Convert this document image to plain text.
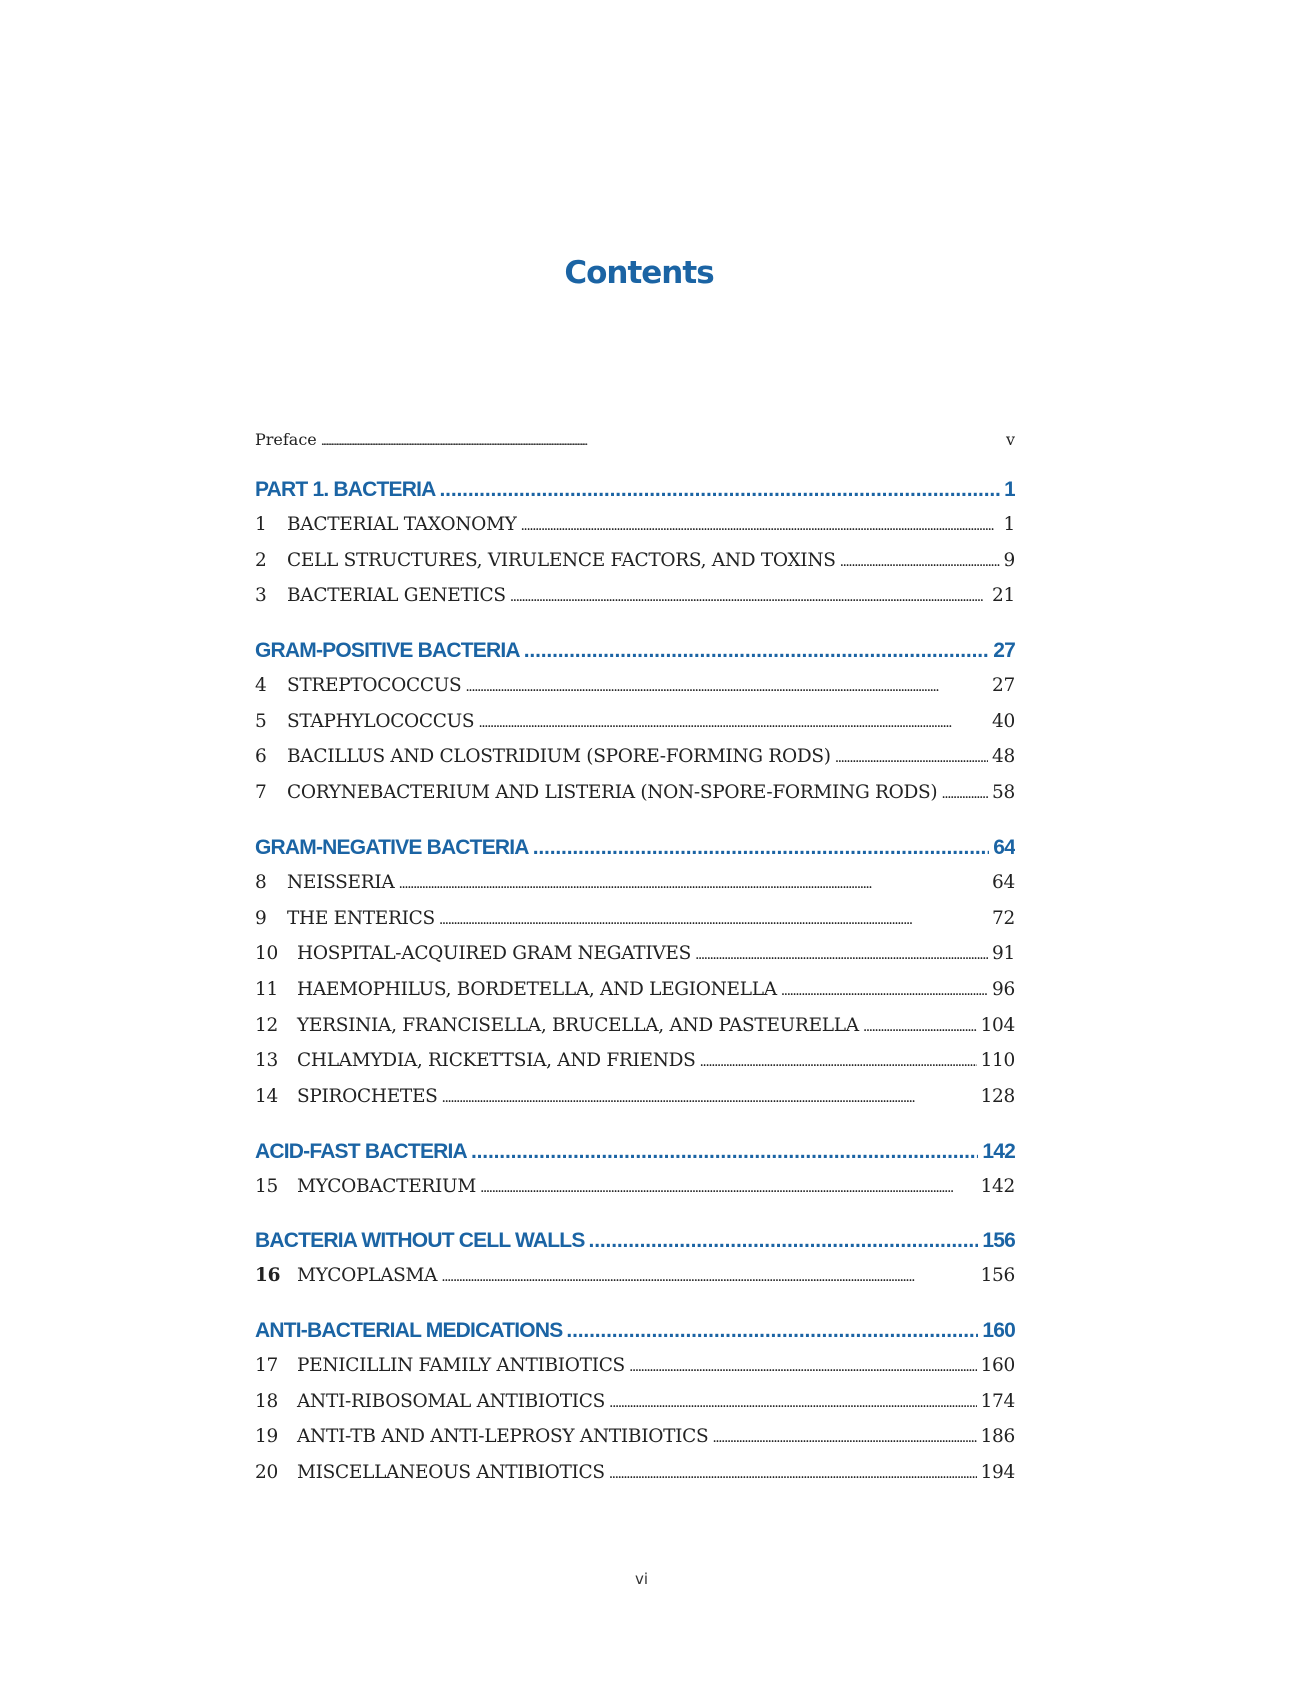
Contents
Preface . . .	v
PART 1. BACTERIA . . .	1
1 BACTERIAL TAXONOMY . . .	1
2 CELL STRUCTURES, VIRULENCE FACTORS, AND TOXINS . . .	9
3 BACTERIAL GENETICS . . .	21
GRAM-POSITIVE BACTERIA . . .	27
4 STREPTOCOCCUS . . .	27
5 STAPHYLOCOCCUS . . .	40
6 BACILLUS AND CLOSTRIDIUM (SPORE-FORMING RODS) . . .	48
7 CORYNEBACTERIUM AND LISTERIA (NON-SPORE-FORMING RODS) . . .	58
GRAM-NEGATIVE BACTERIA . . .	64
8 NEISSERIA . . .	64
9 THE ENTERICS . . .	72
10 HOSPITAL-ACQUIRED GRAM NEGATIVES . . .	91
11 HAEMOPHILUS, BORDETELLA, AND LEGIONELLA . . .	96
12 YERSINIA, FRANCISELLA, BRUCELLA, AND PASTEURELLA . . .	104
13 CHLAMYDIA, RICKETTSIA, AND FRIENDS . . .	110
14 SPIROCHETES . . .	128
ACID-FAST BACTERIA . . .	142
15 MYCOBACTERIUM . . .	142
BACTERIA WITHOUT CELL WALLS . . .	156
16 MYCOPLASMA . . .	156
ANTI-BACTERIAL MEDICATIONS . . .	160
17 PENICILLIN FAMILY ANTIBIOTICS . . .	160
18 ANTI-RIBOSOMAL ANTIBIOTICS . . .	174
19 ANTI-TB AND ANTI-LEPROSY ANTIBIOTICS . . .	186
20 MISCELLANEOUS ANTIBIOTICS . . .	194
vi
